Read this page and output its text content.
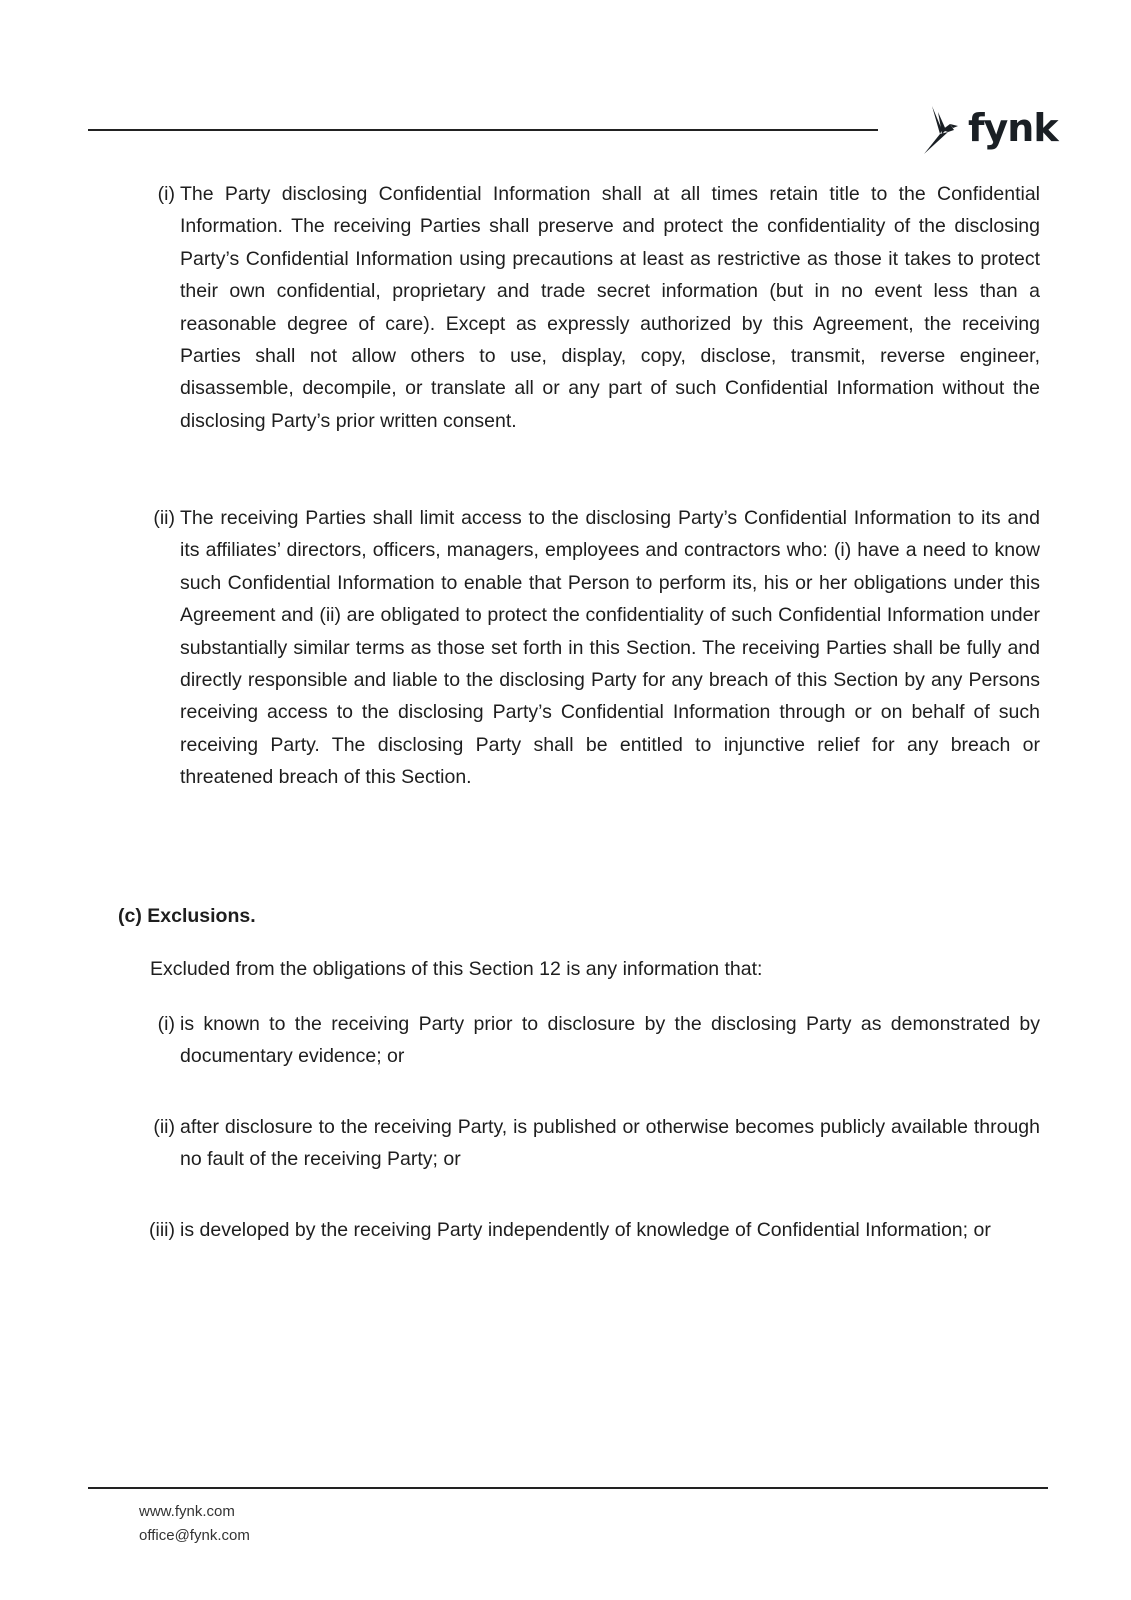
fynk
(i) The Party disclosing Confidential Information shall at all times retain title to the Confidential Information. The receiving Parties shall preserve and protect the confidentiality of the disclosing Party’s Confidential Information using precautions at least as restrictive as those it takes to protect their own confidential, proprietary and trade secret information (but in no event less than a reasonable degree of care). Except as expressly authorized by this Agreement, the receiving Parties shall not allow others to use, display, copy, disclose, transmit, reverse engineer, disassemble, decompile, or translate all or any part of such Confidential Information without the disclosing Party’s prior written consent.
(ii) The receiving Parties shall limit access to the disclosing Party’s Confidential Information to its and its affiliates’ directors, officers, managers, employees and contractors who: (i) have a need to know such Confidential Information to enable that Person to perform its, his or her obligations under this Agreement and (ii) are obligated to protect the confidentiality of such Confidential Information under substantially similar terms as those set forth in this Section. The receiving Parties shall be fully and directly responsible and liable to the disclosing Party for any breach of this Section by any Persons receiving access to the disclosing Party’s Confidential Information through or on behalf of such receiving Party. The disclosing Party shall be entitled to injunctive relief for any breach or threatened breach of this Section.
(c) Exclusions.
Excluded from the obligations of this Section 12 is any information that:
(i) is known to the receiving Party prior to disclosure by the disclosing Party as demonstrated by documentary evidence; or
(ii) after disclosure to the receiving Party, is published or otherwise becomes publicly available through no fault of the receiving Party; or
(iii) is developed by the receiving Party independently of knowledge of Confidential Information; or
www.fynk.com
office@fynk.com
